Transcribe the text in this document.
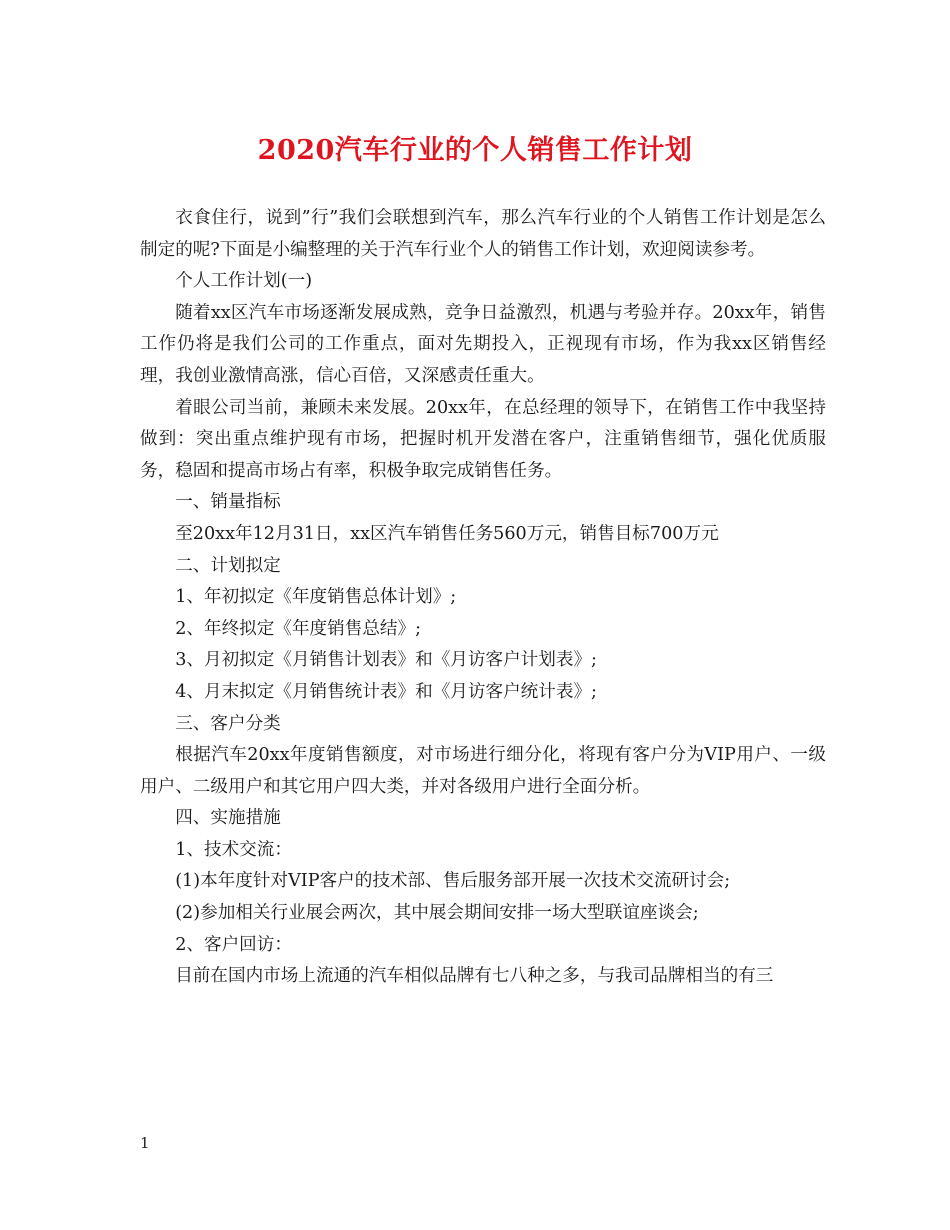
2020汽车行业的个人销售工作计划

衣食住行，说到”行”我们会联想到汽车，那么汽车行业的个人销售工作计划是怎么制定的呢?下面是小编整理的关于汽车行业个人的销售工作计划，欢迎阅读参考。

个人工作计划(一)

随着xx区汽车市场逐渐发展成熟，竞争日益激烈，机遇与考验并存。20xx年，销售工作仍将是我们公司的工作重点，面对先期投入，正视现有市场，作为我xx区销售经理，我创业激情高涨，信心百倍，又深感责任重大。

着眼公司当前，兼顾未来发展。20xx年，在总经理的领导下，在销售工作中我坚持做到：突出重点维护现有市场，把握时机开发潜在客户，注重销售细节，强化优质服务，稳固和提高市场占有率，积极争取完成销售任务。

一、销量指标

至20xx年12月31日，xx区汽车销售任务560万元，销售目标700万元

二、计划拟定

1、年初拟定《年度销售总体计划》;

2、年终拟定《年度销售总结》;

3、月初拟定《月销售计划表》和《月访客户计划表》;

4、月末拟定《月销售统计表》和《月访客户统计表》;

三、客户分类

根据汽车20xx年度销售额度，对市场进行细分化，将现有客户分为VIP用户、一级用户、二级用户和其它用户四大类，并对各级用户进行全面分析。

四、实施措施

1、技术交流：

(1)本年度针对VIP客户的技术部、售后服务部开展一次技术交流研讨会;

(2)参加相关行业展会两次，其中展会期间安排一场大型联谊座谈会;

2、客户回访：

目前在国内市场上流通的汽车相似品牌有七八种之多，与我司品牌相当的有三

1
